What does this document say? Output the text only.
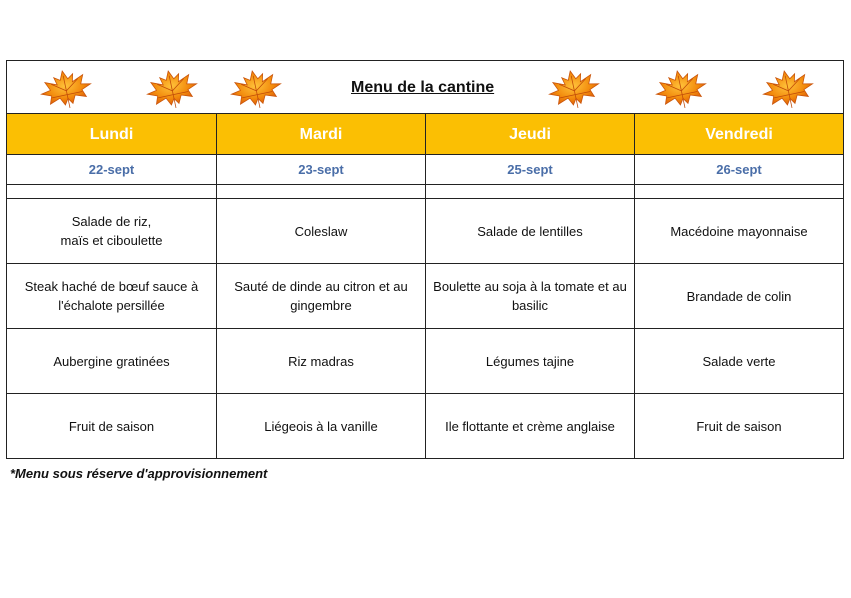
Menu de la cantine			

Lundi	Mardi	Jeudi	Vendredi
22-sept	23-sept	25-sept	26-sept

Salade de riz,
maïs et ciboulette	Coleslaw	Salade de lentilles	Macédoine mayonnaise
Steak haché de bœuf sauce à l'échalote persillée	Sauté de dinde au citron et au gingembre	Boulette au soja à la tomate et au basilic	Brandade de colin
Aubergine gratinées	Riz madras	Légumes tajine	Salade verte
Fruit de saison	Liégeois à la vanille	Ile flottante et crème anglaise	Fruit de saison
*Menu sous réserve d'approvisionnement
